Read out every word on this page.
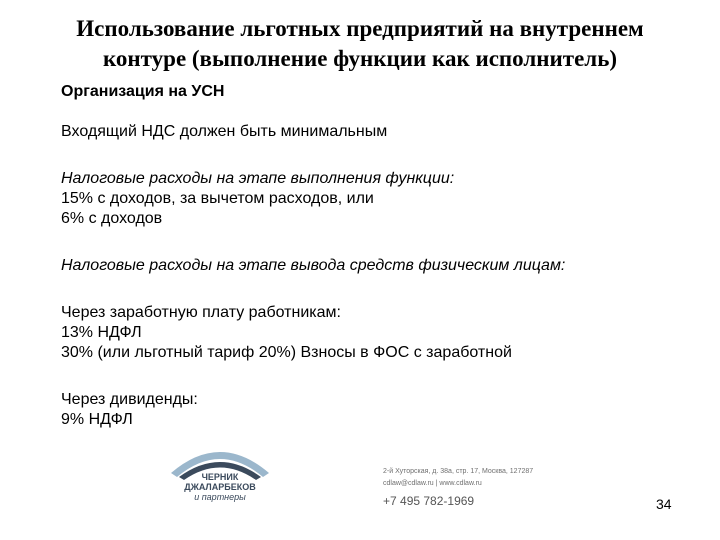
Использование льготных предприятий на внутреннем
контуре (выполнение функции как исполнитель)

Организация на УСН

Входящий НДС должен быть минимальным

Налоговые расходы на этапе выполнения функции:

15% с доходов, за вычетом расходов, или

6% с доходов

Налоговые расходы на этапе вывода средств физическим лицам:

Через заработную плату работникам:

13% НДФЛ

30% (или льготный тариф 20%) Взносы в ФОС с заработной

Через дивиденды:

9% НДФЛ

ЧЕРНИК
ДЖАЛАРБЕКОВ
и партнеры
2-й Хуторская, д. 38а, стр. 17, Москва, 127287
cdlaw@cdlaw.ru | www.cdlaw.ru
+7 495 782-1969	34
